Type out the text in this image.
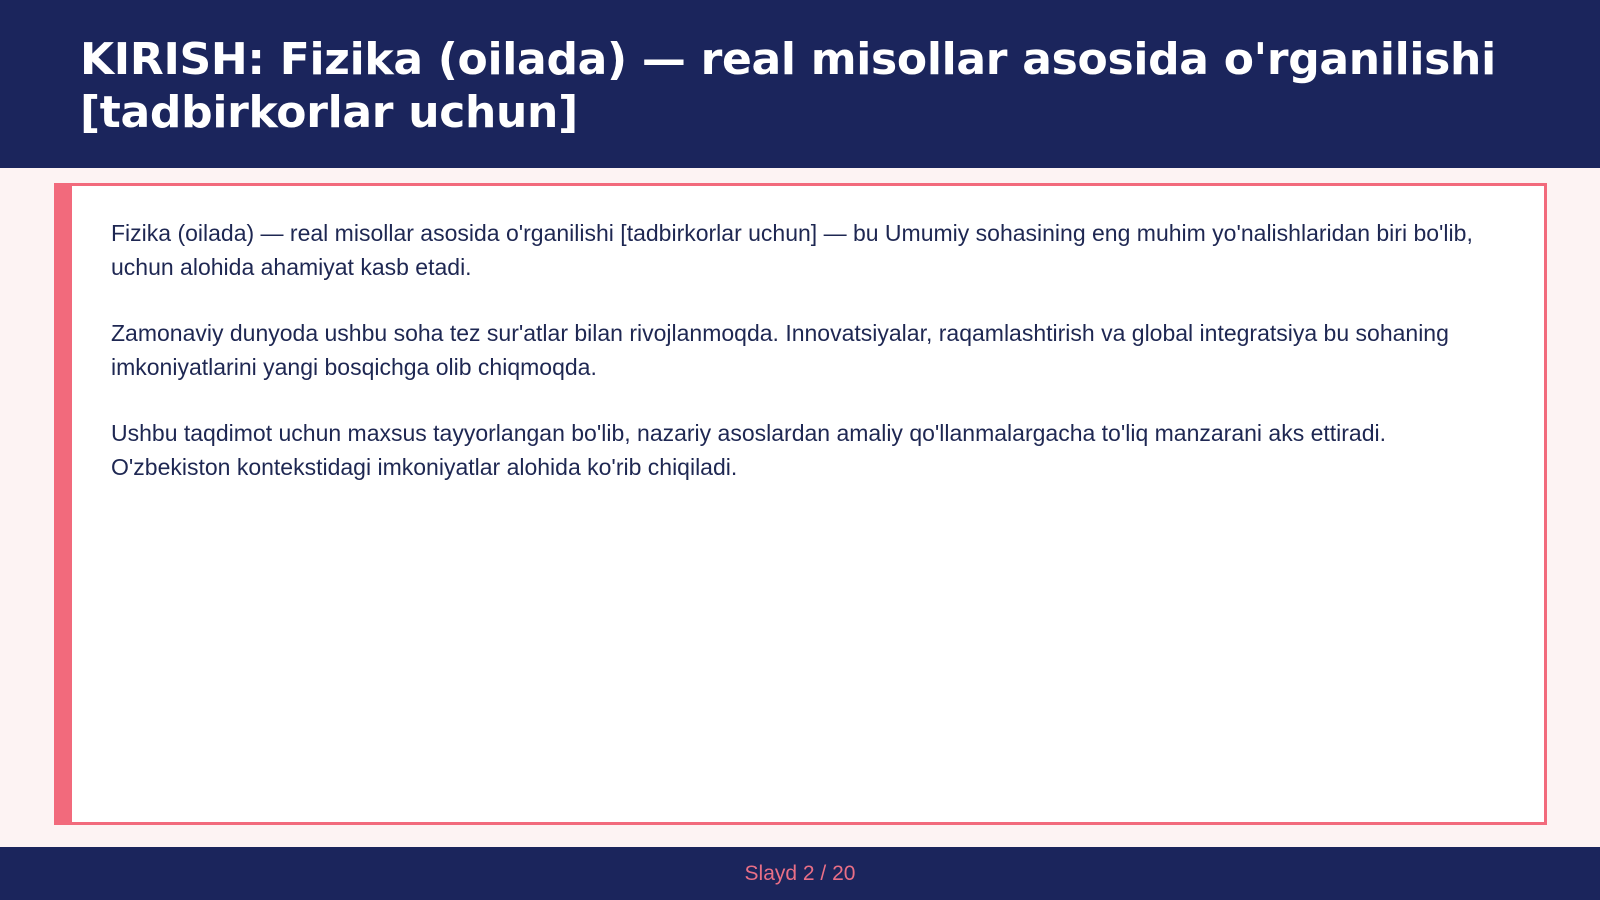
KIRISH: Fizika (oilada) — real misollar asosida o'rganilishi [tadbirkorlar uchun]

Fizika (oilada) — real misollar asosida o'rganilishi [tadbirkorlar uchun] — bu Umumiy sohasining eng muhim yo'nalishlaridan biri bo'lib, uchun alohida ahamiyat kasb etadi.

Zamonaviy dunyoda ushbu soha tez sur'atlar bilan rivojlanmoqda. Innovatsiyalar, raqamlashtirish va global integratsiya bu sohaning imkoniyatlarini yangi bosqichga olib chiqmoqda.

Ushbu taqdimot uchun maxsus tayyorlangan bo'lib, nazariy asoslardan amaliy qo'llanmalargacha to'liq manzarani aks ettiradi. O'zbekiston kontekstidagi imkoniyatlar alohida ko'rib chiqiladi.

Slayd 2 / 20
